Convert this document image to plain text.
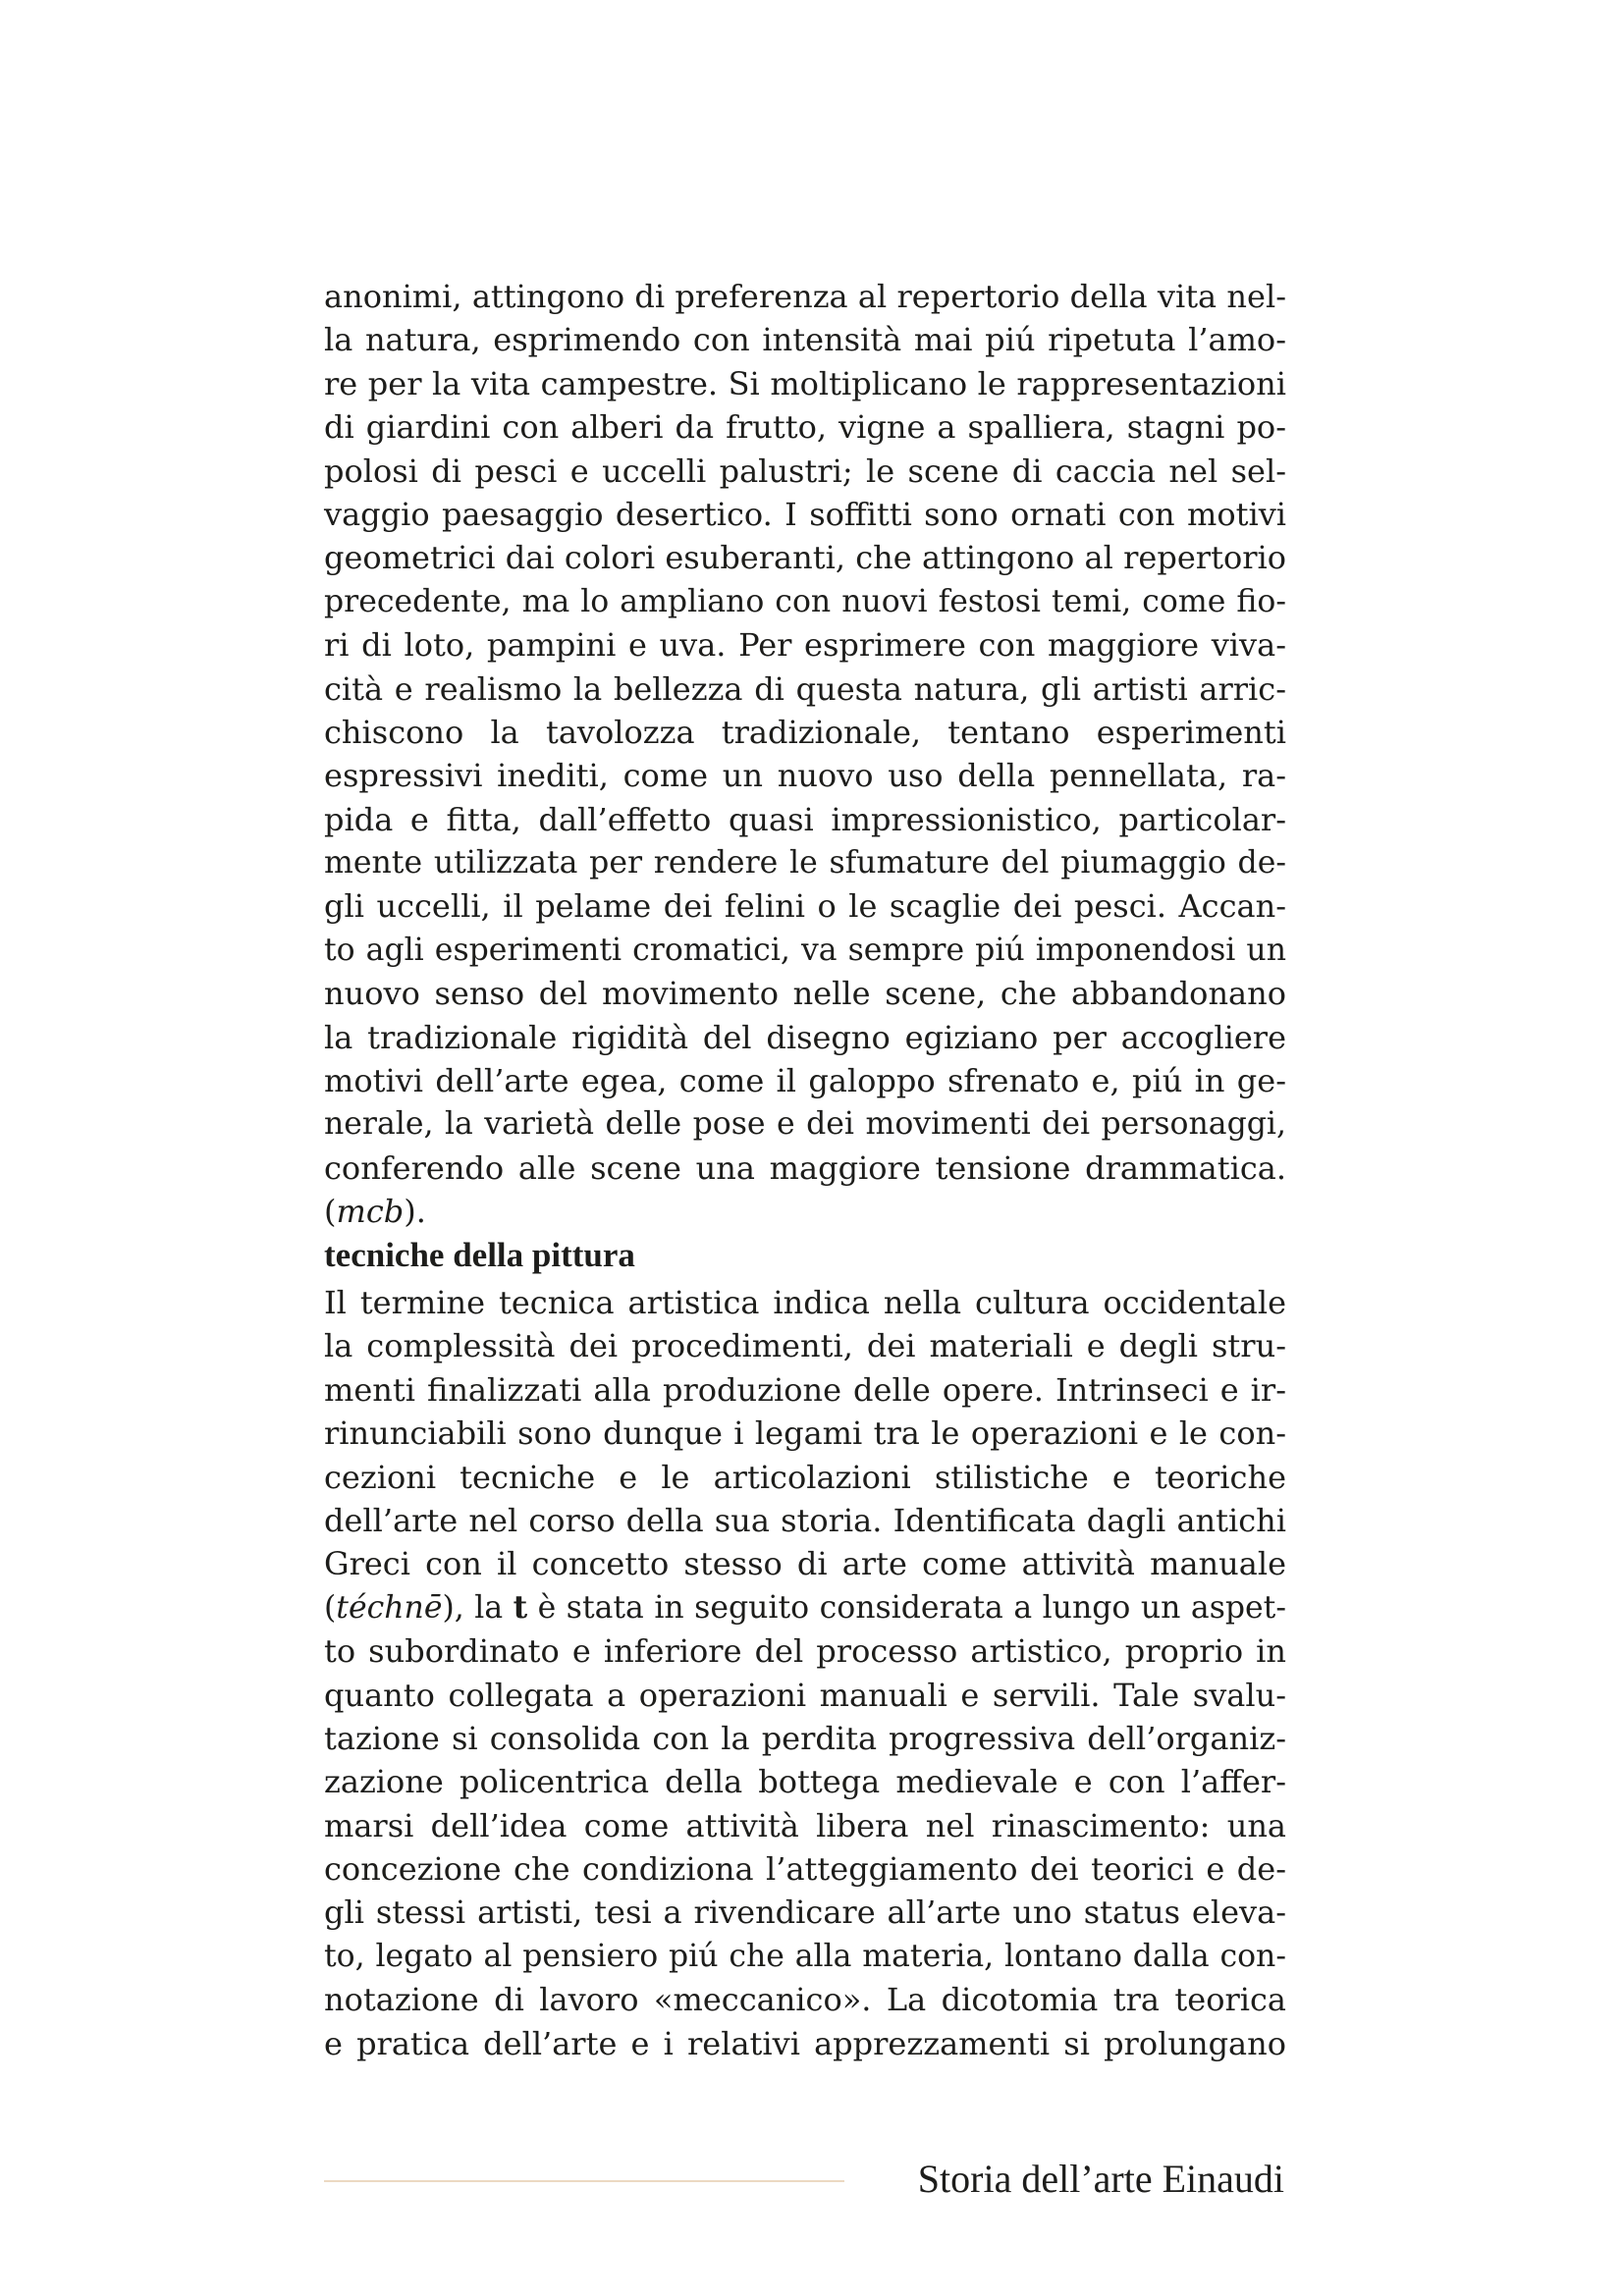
anonimi, attingono di preferenza al repertorio della vita nel-
la natura, esprimendo con intensità mai piú ripetuta l’amo-
re per la vita campestre. Si moltiplicano le rappresentazioni
di giardini con alberi da frutto, vigne a spalliera, stagni po-
polosi di pesci e uccelli palustri; le scene di caccia nel sel-
vaggio paesaggio desertico. I soffitti sono ornati con motivi
geometrici dai colori esuberanti, che attingono al repertorio
precedente, ma lo ampliano con nuovi festosi temi, come fio-
ri di loto, pampini e uva. Per esprimere con maggiore viva-
cità e realismo la bellezza di questa natura, gli artisti arric-
chiscono la tavolozza tradizionale, tentano esperimenti
espressivi inediti, come un nuovo uso della pennellata, ra-
pida e fitta, dall’effetto quasi impressionistico, particolar-
mente utilizzata per rendere le sfumature del piumaggio de-
gli uccelli, il pelame dei felini o le scaglie dei pesci. Accan-
to agli esperimenti cromatici, va sempre piú imponendosi un
nuovo senso del movimento nelle scene, che abbandonano
la tradizionale rigidità del disegno egiziano per accogliere
motivi dell’arte egea, come il galoppo sfrenato e, piú in ge-
nerale, la varietà delle pose e dei movimenti dei personaggi,
conferendo alle scene una maggiore tensione drammatica.
(mcb).
tecniche della pittura
Il termine tecnica artistica indica nella cultura occidentale
la complessità dei procedimenti, dei materiali e degli stru-
menti finalizzati alla produzione delle opere. Intrinseci e ir-
rinunciabili sono dunque i legami tra le operazioni e le con-
cezioni tecniche e le articolazioni stilistiche e teoriche
dell’arte nel corso della sua storia. Identificata dagli antichi
Greci con il concetto stesso di arte come attività manuale
(téchnē), la t è stata in seguito considerata a lungo un aspet-
to subordinato e inferiore del processo artistico, proprio in
quanto collegata a operazioni manuali e servili. Tale svalu-
tazione si consolida con la perdita progressiva dell’organiz-
zazione policentrica della bottega medievale e con l’affer-
marsi dell’idea come attività libera nel rinascimento: una
concezione che condiziona l’atteggiamento dei teorici e de-
gli stessi artisti, tesi a rivendicare all’arte uno status eleva-
to, legato al pensiero piú che alla materia, lontano dalla con-
notazione di lavoro «meccanico». La dicotomia tra teorica
e pratica dell’arte e i relativi apprezzamenti si prolungano
Storia dell’arte Einaudi
